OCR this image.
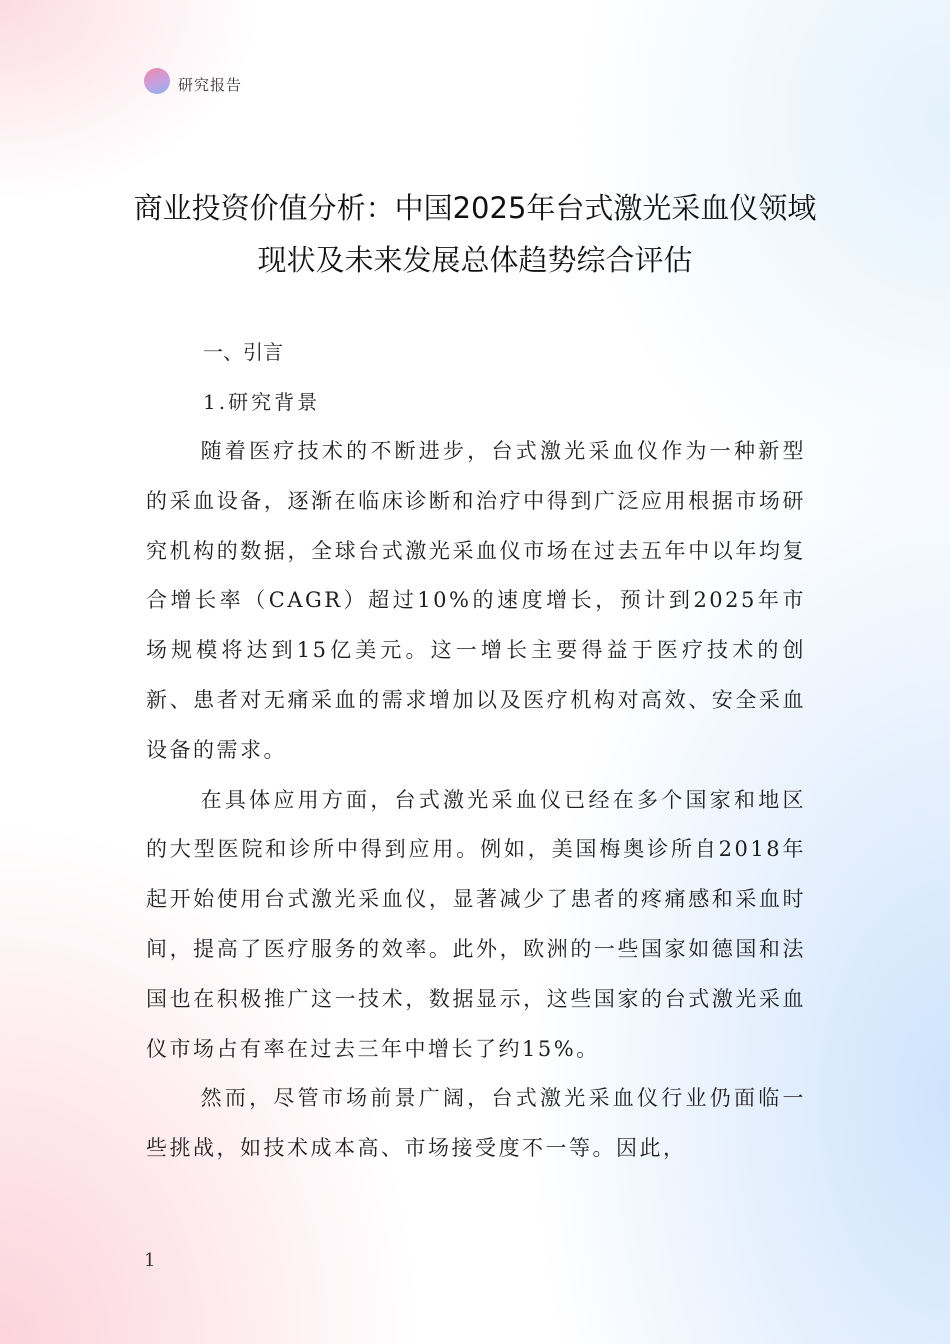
研究报告
商业投资价值分析：中国2025年台式激光采血仪领域现状及未来发展总体趋势综合评估
一、引言
1.研究背景

随着医疗技术的不断进步，台式激光采血仪作为一种新型的采血设备，逐渐在临床诊断和治疗中得到广泛应用根据市场研究机构的数据，全球台式激光采血仪市场在过去五年中以年均复合增长率（CAGR）超过10%的速度增长，预计到2025年市场规模将达到15亿美元。这一增长主要得益于医疗技术的创新、患者对无痛采血的需求增加以及医疗机构对高效、安全采血设备的需求。

在具体应用方面，台式激光采血仪已经在多个国家和地区的大型医院和诊所中得到应用。例如，美国梅奥诊所自2018年起开始使用台式激光采血仪，显著减少了患者的疼痛感和采血时间，提高了医疗服务的效率。此外，欧洲的一些国家如德国和法国也在积极推广这一技术，数据显示，这些国家的台式激光采血仪市场占有率在过去三年中增长了约15%。

然而，尽管市场前景广阔，台式激光采血仪行业仍面临一些挑战，如技术成本高、市场接受度不一等。因此，

1
